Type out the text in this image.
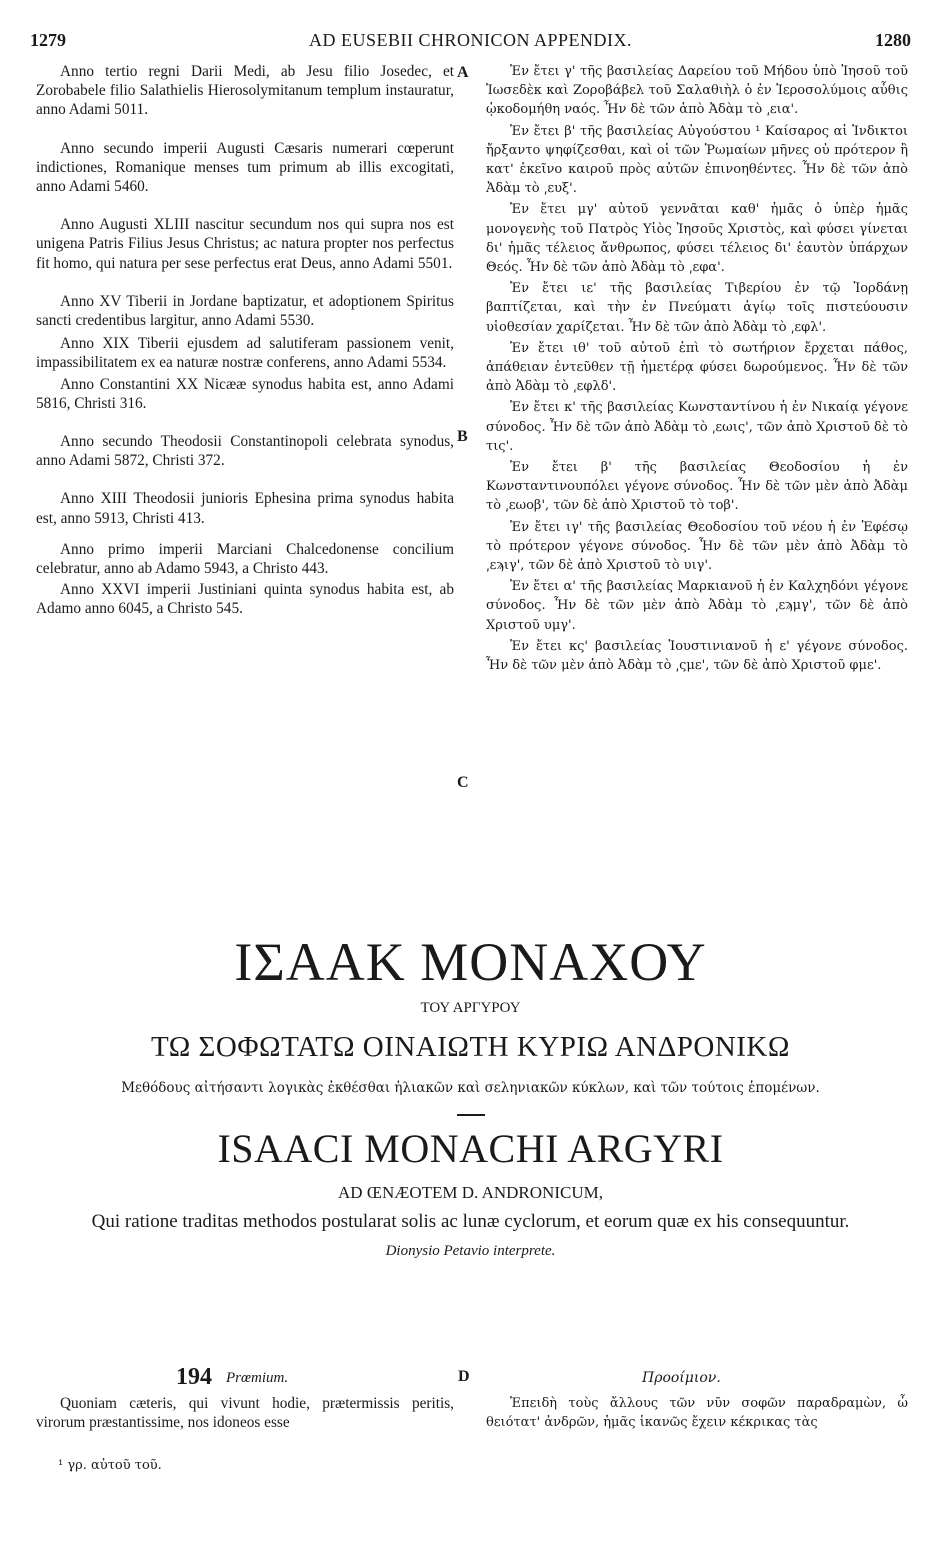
1279	AD EUSEBII CHRONICON APPENDIX.	1280

Anno tertio regni Darii Medi, ab Jesu filio Josedec, et Zorobabele filio Salathielis Hierosolymitanum templum instauratur, anno Adami 5011.

Anno secundo imperii Augusti Cæsaris numerari cœperunt indictiones, Romanique menses tum primum ab illis excogitati, anno Adami 5460.

Anno Augusti XLIII nascitur secundum nos qui supra nos est unigena Patris Filius Jesus Christus; ac natura propter nos perfectus fit homo, qui natura per sese perfectus erat Deus, anno Adami 5501.

Anno XV Tiberii in Jordane baptizatur, et adoptionem Spiritus sancti credentibus largitur, anno Adami 5530.

Anno XIX Tiberii ejusdem ad salutiferam passionem venit, impassibilitatem ex ea naturæ nostræ conferens, anno Adami 5534.

Anno Constantini XX Nicææ synodus habita est, anno Adami 5816, Christi 316.

Anno secundo Theodosii Constantinopoli celebrata synodus, anno Adami 5872, Christi 372.

Anno XIII Theodosii junioris Ephesina prima synodus habita est, anno 5913, Christi 413.

Anno primo imperii Marciani Chalcedonense concilium celebratur, anno ab Adamo 5943, a Christo 443.

Anno XXVI imperii Justiniani quinta synodus habita est, ab Adamo anno 6045, a Christo 545.

A
B
C

Ἐν ἔτει γ' τῆς βασιλείας Δαρείου τοῦ Μήδου ὑπὸ Ἰησοῦ τοῦ Ἰωσεδὲκ καὶ Ζοροβάβελ τοῦ Σαλαθιὴλ ὁ ἐν Ἱεροσολύμοις αὖθις ᾠκοδομήθη ναός. Ἦν δὲ τῶν ἀπὸ Ἀδὰμ τὸ ͵εια'.

Ἐν ἔτει β' τῆς βασιλείας Αὐγούστου ¹ Καίσαρος αἱ Ἰνδικτοι ἤρξαντο ψηφίζεσθαι, καὶ οἱ τῶν Ῥωμαίων μῆνες οὐ πρότερον ἢ κατ' ἐκεῖνο καιροῦ πρὸς αὐτῶν ἐπινοηθέντες. Ἦν δὲ τῶν ἀπὸ Ἀδὰμ τὸ ͵ευξ'.

Ἐν ἔτει μγ' αὐτοῦ γεννᾶται καθ' ἡμᾶς ὁ ὑπὲρ ἡμᾶς μονογενὴς τοῦ Πατρὸς Υἱὸς Ἰησοῦς Χριστὸς, καὶ φύσει γίνεται δι' ἡμᾶς τέλειος ἄνθρωπος, φύσει τέλειος δι' ἑαυτὸν ὑπάρχων Θεός. Ἦν δὲ τῶν ἀπὸ Ἀδὰμ τὸ ͵εφα'.

Ἐν ἔτει ιε' τῆς βασιλείας Τιβερίου ἐν τῷ Ἰορδάνῃ βαπτίζεται, καὶ τὴν ἐν Πνεύματι ἁγίῳ τοῖς πιστεύουσιν υἱοθεσίαν χαρίζεται. Ἦν δὲ τῶν ἀπὸ Ἀδὰμ τὸ ͵εφλ'.

Ἐν ἔτει ιθ' τοῦ αὐτοῦ ἐπὶ τὸ σωτήριον ἔρχεται πάθος, ἀπάθειαν ἐντεῦθεν τῇ ἡμετέρᾳ φύσει δωρούμενος. Ἦν δὲ τῶν ἀπὸ Ἀδὰμ τὸ ͵εφλδ'.

Ἐν ἔτει κ' τῆς βασιλείας Κωνσταντίνου ἡ ἐν Νικαίᾳ γέγονε σύνοδος. Ἦν δὲ τῶν ἀπὸ Ἀδὰμ τὸ ͵εωις', τῶν ἀπὸ Χριστοῦ δὲ τὸ τις'.

Ἐν ἔτει β' τῆς βασιλείας Θεοδοσίου ἡ ἐν Κωνσταντινουπόλει γέγονε σύνοδος. Ἦν δὲ τῶν μὲν ἀπὸ Ἀδὰμ τὸ ͵εωοβ', τῶν δὲ ἀπὸ Χριστοῦ τὸ τοβ'.

Ἐν ἔτει ιγ' τῆς βασιλείας Θεοδοσίου τοῦ νέου ἡ ἐν Ἐφέσῳ τὸ πρότερον γέγονε σύνοδος. Ἦν δὲ τῶν μὲν ἀπὸ Ἀδὰμ τὸ ͵εϡιγ', τῶν δὲ ἀπὸ Χριστοῦ τὸ υιγ'.

Ἐν ἔτει α' τῆς βασιλείας Μαρκιανοῦ ἡ ἐν Καλχηδόνι γέγονε σύνοδος. Ἦν δὲ τῶν μὲν ἀπὸ Ἀδὰμ τὸ ͵εϡμγ', τῶν δὲ ἀπὸ Χριστοῦ υμγ'.

Ἐν ἔτει κς' βασιλείας Ἰουστινιανοῦ ἡ ε' γέγονε σύνοδος. Ἦν δὲ τῶν μὲν ἀπὸ Ἀδὰμ τὸ ͵ςμε', τῶν δὲ ἀπὸ Χριστοῦ φμε'.

ΙΣΑΑΚ ΜΟΝΑΧΟΥ

ΤΟΥ ΑΡΓΥΡΟΥ

ΤΩ ΣΟΦΩΤΑΤΩ ΟΙΝΑΙΩΤΗ ΚΥΡΙΩ ΑΝΔΡΟΝΙΚΩ

Μεθόδους αἰτήσαντι λογικὰς ἐκθέσθαι ἡλιακῶν καὶ σεληνιακῶν κύκλων, καὶ τῶν τούτοις ἑπομένων.

ISAACI MONACHI ARGYRI

AD ŒNÆOTEM D. ANDRONICUM,

Qui ratione traditas methodos postularat solis ac lunæ cyclorum, et eorum quæ ex his consequuntur.

Dionysio Petavio interprete.

194 Prœmium.	D	Προοίμιον.

Quoniam cæteris, qui vivunt hodie, prætermissis peritis, virorum præstantissime, nos idoneos esse

Ἐπειδὴ τοὺς ἄλλους τῶν νῦν σοφῶν παραδραμὼν, ὦ θειότατ' ἀνδρῶν, ἡμᾶς ἱκανῶς ἔχειν κέκρικας τὰς

¹ γρ. αὐτοῦ τοῦ.
